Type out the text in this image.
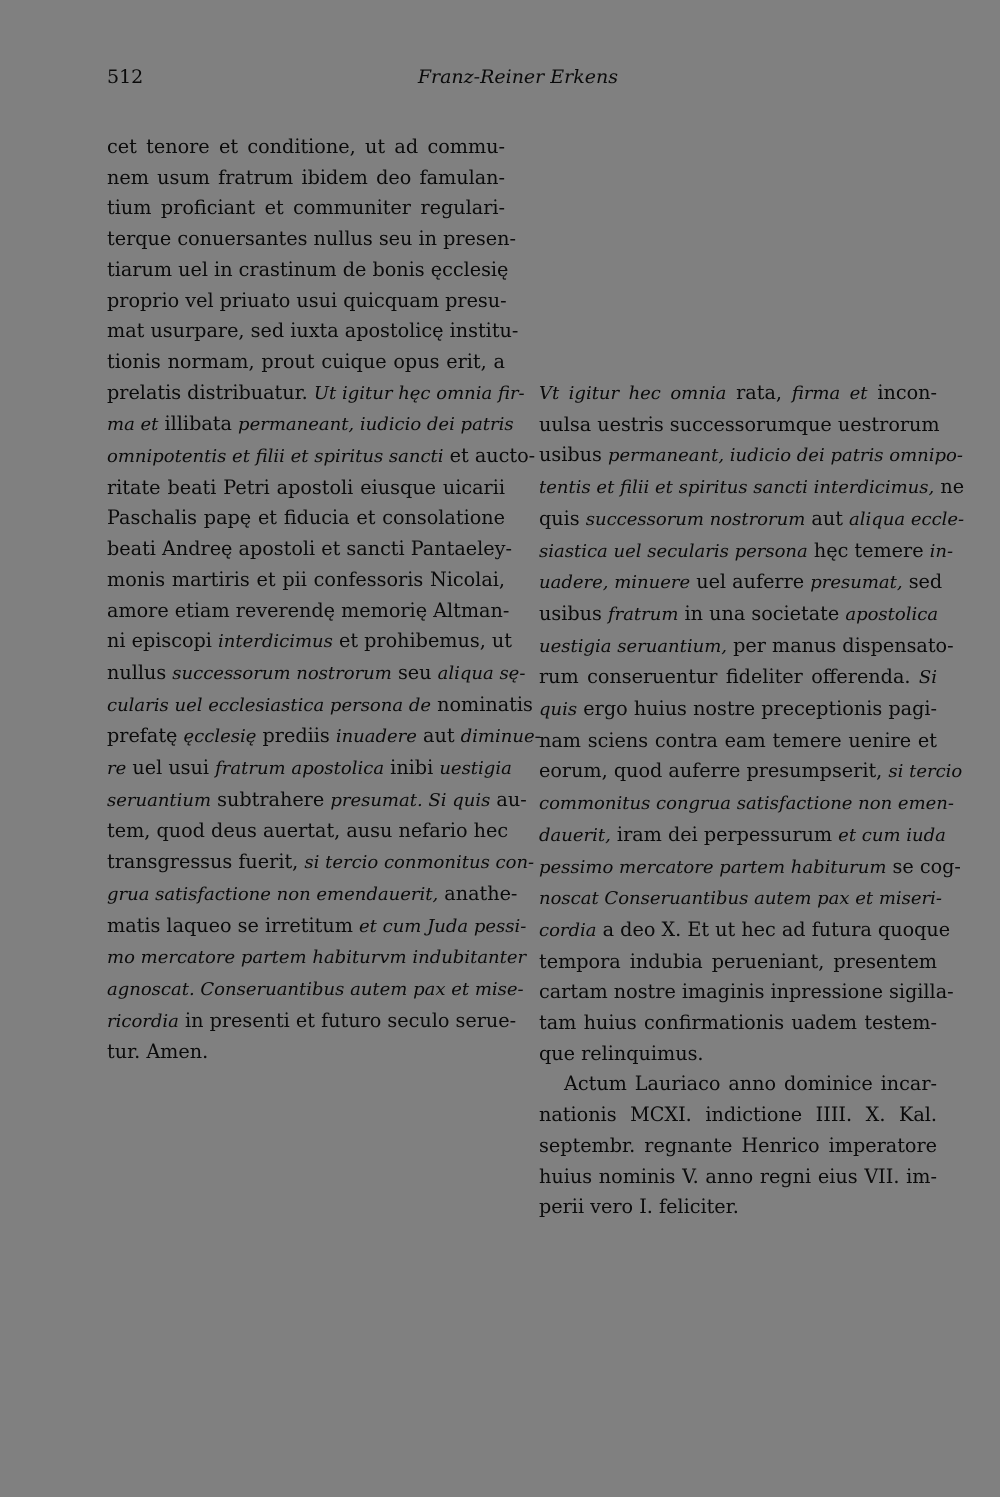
512	Franz-Reiner Erkens
cet tenore et conditione, ut ad commu-
nem usum fratrum ibidem deo famulan-
tium proficiant et communiter regulari-
terque conuersantes nullus seu in presen-
tiarum uel in crastinum de bonis ęcclesię
proprio vel priuato usui quicquam presu-
mat usurpare, sed iuxta apostolicę institu-
tionis normam, prout cuique opus erit, a
prelatis distribuatur. Ut igitur hęc omnia fir-
ma et illibata permaneant, iudicio dei patris
omnipotentis et filii et spiritus sancti et aucto-
ritate beati Petri apostoli eiusque uicarii
Paschalis papę et fiducia et consolatione
beati Andreę apostoli et sancti Pantaeley-
monis martiris et pii confessoris Nicolai,
amore etiam reverendę memorię Altman-
ni episcopi interdicimus et prohibemus, ut
nullus successorum nostrorum seu aliqua sę-
cularis uel ecclesiastica persona de nominatis
prefatę ęcclesię prediis inuadere aut diminue-
re uel usui fratrum apostolica inibi uestigia
seruantium subtrahere presumat. Si quis au-
tem, quod deus auertat, ausu nefario hec
transgressus fuerit, si tercio conmonitus con-
grua satisfactione non emendauerit, anathe-
matis laqueo se irretitum et cum Juda pessi-
mo mercatore partem habiturvm indubitanter
agnoscat. Conseruantibus autem pax et mise-
ricordia in presenti et futuro seculo serue-
tur. Amen.
Vt igitur hec omnia rata, firma et incon-
uulsa uestris successorumque uestrorum
usibus permaneant, iudicio dei patris omnipo-
tentis et filii et spiritus sancti interdicimus, ne
quis successorum nostrorum aut aliqua eccle-
siastica uel secularis persona hęc temere in-
uadere, minuere uel auferre presumat, sed
usibus fratrum in una societate apostolica
uestigia seruantium, per manus dispensato-
rum conseruentur fideliter offerenda. Si
quis ergo huius nostre preceptionis pagi-
nam sciens contra eam temere uenire et
eorum, quod auferre presumpserit, si tercio
commonitus congrua satisfactione non emen-
dauerit, iram dei perpessurum et cum iuda
pessimo mercatore partem habiturum se cog-
noscat Conseruantibus autem pax et miseri-
cordia a deo X. Et ut hec ad futura quoque
tempora indubia perueniant, presentem
cartam nostre imaginis inpressione sigilla-
tam huius confirmationis uadem testem-
que relinquimus.
Actum Lauriaco anno dominice incar-
nationis MCXI. indictione IIII. X. Kal.
septembr. regnante Henrico imperatore
huius nominis V. anno regni eius VII. im-
perii vero I. feliciter.
